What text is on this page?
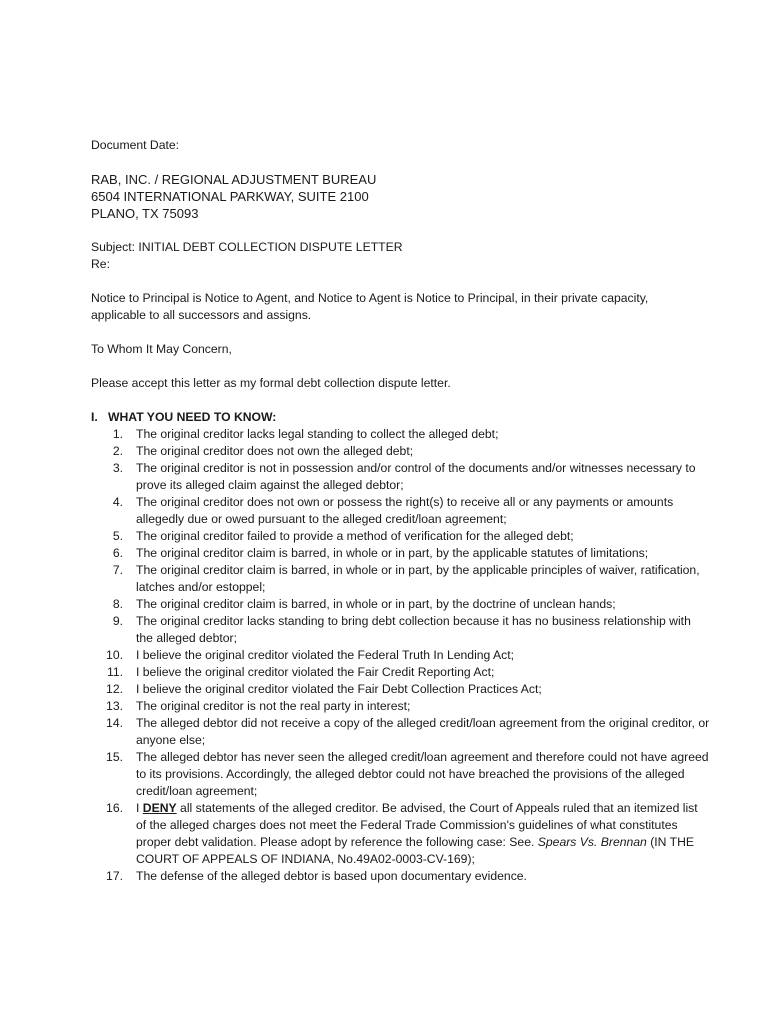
Document Date:
RAB, INC. / REGIONAL ADJUSTMENT BUREAU
6504 INTERNATIONAL PARKWAY, SUITE 2100
PLANO, TX 75093
Subject: INITIAL DEBT COLLECTION DISPUTE LETTER
Re:
Notice to Principal is Notice to Agent, and Notice to Agent is Notice to Principal, in their private capacity,
applicable to all successors and assigns.
To Whom It May Concern,
Please accept this letter as my formal debt collection dispute letter.
I. WHAT YOU NEED TO KNOW:
1. The original creditor lacks legal standing to collect the alleged debt;
2. The original creditor does not own the alleged debt;
3. The original creditor is not in possession and/or control of the documents and/or witnesses necessary to prove its alleged claim against the alleged debtor;
4. The original creditor does not own or possess the right(s) to receive all or any payments or amounts allegedly due or owed pursuant to the alleged credit/loan agreement;
5. The original creditor failed to provide a method of verification for the alleged debt;
6. The original creditor claim is barred, in whole or in part, by the applicable statutes of limitations;
7. The original creditor claim is barred, in whole or in part, by the applicable principles of waiver, ratification, latches and/or estoppel;
8. The original creditor claim is barred, in whole or in part, by the doctrine of unclean hands;
9. The original creditor lacks standing to bring debt collection because it has no business relationship with the alleged debtor;
10. I believe the original creditor violated the Federal Truth In Lending Act;
11. I believe the original creditor violated the Fair Credit Reporting Act;
12. I believe the original creditor violated the Fair Debt Collection Practices Act;
13. The original creditor is not the real party in interest;
14. The alleged debtor did not receive a copy of the alleged credit/loan agreement from the original creditor, or anyone else;
15. The alleged debtor has never seen the alleged credit/loan agreement and therefore could not have agreed to its provisions. Accordingly, the alleged debtor could not have breached the provisions of the alleged credit/loan agreement;
16. I DENY all statements of the alleged creditor. Be advised, the Court of Appeals ruled that an itemized list of the alleged charges does not meet the Federal Trade Commission's guidelines of what constitutes proper debt validation. Please adopt by reference the following case: See. Spears Vs. Brennan (IN THE COURT OF APPEALS OF INDIANA, No.49A02-0003-CV-169);
17. The defense of the alleged debtor is based upon documentary evidence.
